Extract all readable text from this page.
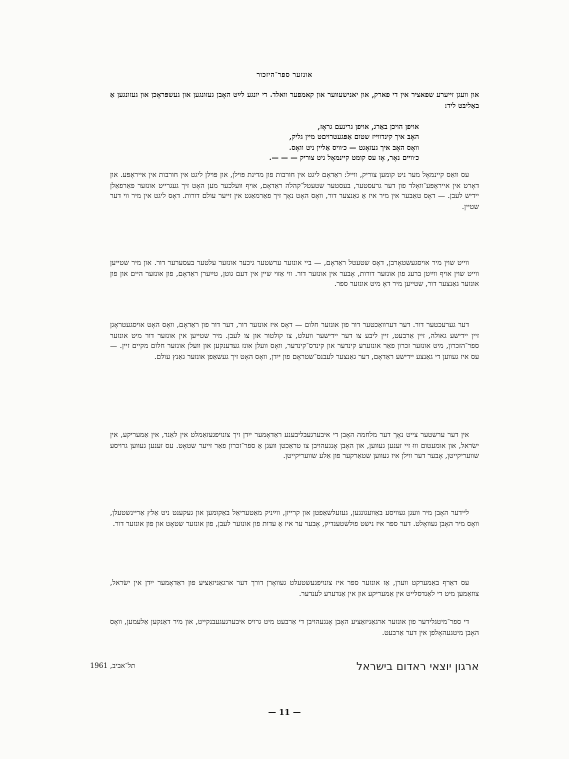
אונזער ספר־היזכור
און וועגן זייערע שפאציר אין די פארק, און יאנישעווער און קאמפער וואלד. די יונגע לײַט האָבן געזונגען און געשפּראָכן און געזונגען אַ באַליבּט ליד:
אויפן הויכן באַרג, אויפן גרינעם גראָז,
האָבּ איך קינדווייז שטום אַפּגעטרויםט מיין גליק,
וואָס האָבּ איך געזאָגט — כ׳וויס אַליין ניט וואָס.
כ׳וויים נאָר, אָז עס קומט קיינמאָל ניט צוריק — — —.
עס וואַס קיינמאָל מער ניט קומען צוריק, ווייל: ראַדאָם ליגט אין חורבות פון מדינת פּױלן, און פּױלן ליגט אין חורבות אין אייראָפּע. און דאָרט אין אייראָפּע־וואָלד פון דער גרעסטער, בעסטער שטעטל־קהלה ראַדאָם, אויף וועלכער מען האָט זיך געגרייט אונזער פאַרפאַלן יידיש לעבן. — דאָס טאַבער אין מיר איז אַ גאַנצער דור, וואָס האָט נאָך זיך פאַרמאַגט אין זייער עולם דורות. דאָס ליגט אין מיר ווי דער שטיין.
ווייט שוין מיר אויסגעשטאָרבן, דאָס שטעטל ראַדאָם, — ביי אונזער ערשטער גיכער אונזער עלטער בעסערער דור. און מיר שטייען ווייט שוין אויף ווײַטן ברעג פון אונזער דורות, אָבער אין אונזער דור. ווי אַזוי שיין אין דעם גוטן, טײַערן ראַדאָם, פון אונזער היים און פון אונזער גאַנצער דור, שטייען מיר דאָ מיט אונזער ספר.
דער גערעכטער דור. דער דערוואַכטער דור פון אונזער חלום — דאָס איז אונזער דור, דער דור פון ראַדאָם, וואָס האָט אויסגעטראָגן זיין יידישע גאולה, זיין אַרבעט, זיין ליבע צו דער יידישער וועלט, צו קולטור און צו לעבן. מיר שטייען אין אונזער דור מיט אונזער ספר־הזכרון, מיט אונזער זכרון פאַר אונזערע קינדער און קינדס־קינדער, וואָס וועלן אונז געדענקען און וועלן אונזער חלום מקיים זיין. — עס איז געווען די גאַנצע יידישע ראַדאָם, דער גאַנצער לעבנס־שטראָם פון ייִדן, וואָס האָט זיך געשאַפן אונזער גאַנץ עולם.
אין דער ערשטער צייט נאָך דער מלחמה האָבן די איבערגעבליבענע ראַדאָמער ייִדן זיך צונויפגעזאַמלט אין לאַנד, אין אַמעריקע, אין ישׂראל, און אומעטום וווּ זיי זענען געווען, און האָבן אָנגעהויבן צו טראַכטן וועגן אַ ספר־זכרון פאַר זייער שטאָט. עס זענען געווען גרויסע שוועריקייטן, אָבער דער ווילן איז געווען שטאַרקער פון אַלע שוועריקייטן.
ליידער האָבן מיר וועגן געוויסע באַוועגונגען, געזעלשאַפטן און קרייזן, ווײַניק מאַטעריאַל באַקומען און געקענט ניט אַלץ אַריינשטעלן, וואָס מיר האָבן געוואָלט. דער ספר איז נישט פולשטענדיק, אָבער ער איז אַ עדות פון אונזער לעבן, פון אונזער שטאָט און פון אונזער דור.
עס דאַרף באַמערקט ווערן, אַז אונזער ספר איז צונויפגעשטעלט געוואָרן דורך דער ארגאַניזאַציע פון ראַדאָמער ייִדן אין ישׂראל, צוזאַמען מיט די לאַנדסלייט אין אַמעריקע און אין אַנדערע לענדער.
די ספר־מיטגלידער פון אונזער ארגאַניזאַציע האָבן אָנגעהויבן די אַרבעט מיט גרויס איבערגעגעבנקייט, און מיר דאַנקען אַלעמען, וואָס האָבן מיטגעהאָלפן אין דער אַרבעט.
ארגון יוצאי ראדום בישראל
תל־אביב, 1961
— 11 —
